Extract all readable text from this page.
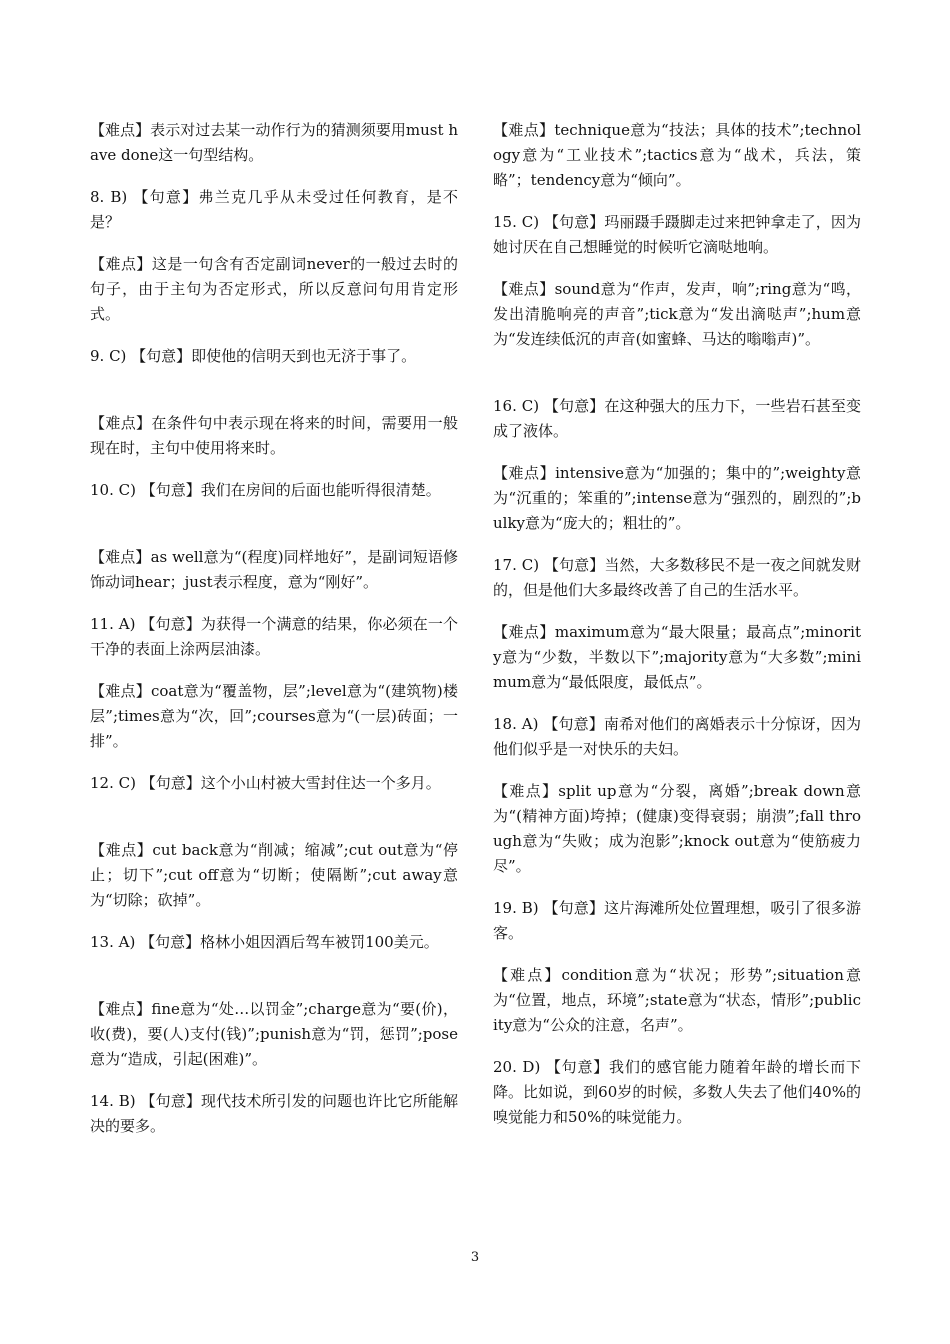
【难点】表示对过去某一动作行为的猜测须要用must have done这一句型结构。

8. B) 【句意】弗兰克几乎从未受过任何教育，是不是？

【难点】这是一句含有否定副词never的一般过去时的句子，由于主句为否定形式，所以反意问句用肯定形式。

9. C) 【句意】即使他的信明天到也无济于事了。

【难点】在条件句中表示现在将来的时间，需要用一般现在时，主句中使用将来时。

10. C) 【句意】我们在房间的后面也能听得很清楚。

【难点】as well意为“(程度)同样地好”，是副词短语修饰动词hear；just表示程度，意为“刚好”。

11. A) 【句意】为获得一个满意的结果，你必须在一个干净的表面上涂两层油漆。

【难点】coat意为“覆盖物，层”;level意为“(建筑物)楼层”;times意为“次，回”;courses意为“(一层)砖面；一排”。

12. C) 【句意】这个小山村被大雪封住达一个多月。

【难点】cut back意为“削减；缩减”;cut out意为“停止；切下”;cut off意为“切断；使隔断”;cut away意为“切除；砍掉”。

13. A) 【句意】格林小姐因酒后驾车被罚100美元。

【难点】fine意为“处…以罚金”;charge意为“要(价)，收(费)，要(人)支付(钱)”;punish意为“罚，惩罚”;pose意为“造成，引起(困难)”。

14. B) 【句意】现代技术所引发的问题也许比它所能解决的要多。

【难点】technique意为“技法；具体的技术”;technology意为“工业技术”;tactics意为“战术，兵法，策略”；tendency意为“倾向”。

15. C) 【句意】玛丽蹑手蹑脚走过来把钟拿走了，因为她讨厌在自己想睡觉的时候听它滴哒地响。

【难点】sound意为“作声，发声，响”;ring意为“鸣，发出清脆响亮的声音”;tick意为“发出滴哒声”;hum意为“发连续低沉的声音(如蜜蜂、马达的嗡嗡声)”。

16. C) 【句意】在这种强大的压力下，一些岩石甚至变成了液体。

【难点】intensive意为“加强的；集中的”;weighty意为“沉重的；笨重的”;intense意为“强烈的，剧烈的”;bulky意为“庞大的；粗壮的”。

17. C) 【句意】当然，大多数移民不是一夜之间就发财的，但是他们大多最终改善了自己的生活水平。

【难点】maximum意为“最大限量；最高点”;minority意为“少数，半数以下”;majority意为“大多数”;minimum意为“最低限度，最低点”。

18. A) 【句意】南希对他们的离婚表示十分惊讶，因为他们似乎是一对快乐的夫妇。

【难点】split up意为“分裂，离婚”;break down意为“(精神方面)垮掉；(健康)变得衰弱；崩溃”;fall through意为“失败；成为泡影”;knock out意为“使筋疲力尽”。

19. B) 【句意】这片海滩所处位置理想，吸引了很多游客。

【难点】condition意为“状况；形势”;situation意为“位置，地点，环境”;state意为“状态，情形”;publicity意为“公众的注意，名声”。

20. D) 【句意】我们的感官能力随着年龄的增长而下降。比如说，到60岁的时候，多数人失去了他们40%的嗅觉能力和50%的味觉能力。

3
